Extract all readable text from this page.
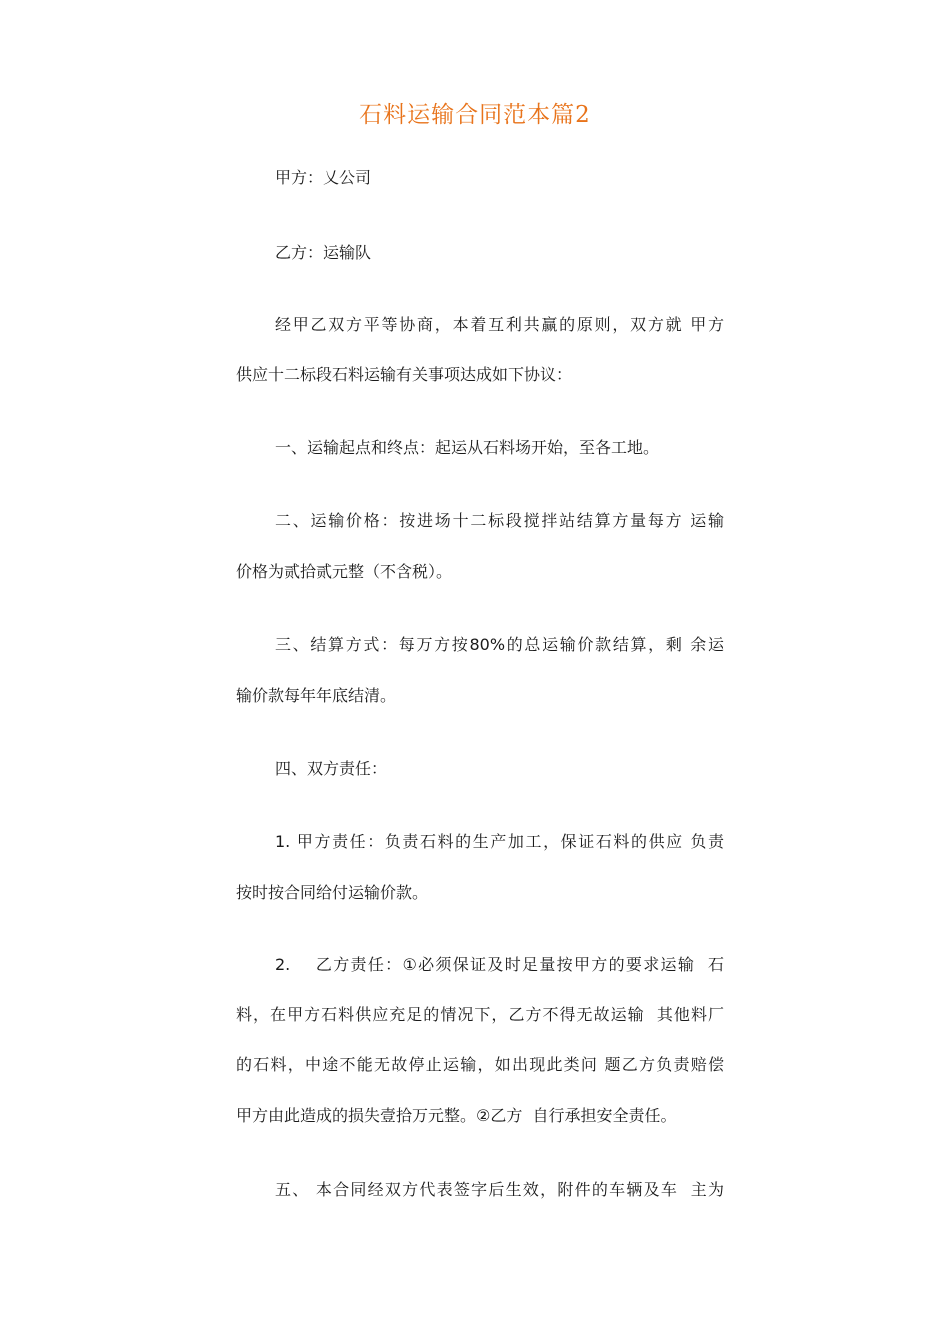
石料运输合同范本篇2
甲方：乂公司
乙方：运输队
经甲乙双方平等协商，本着互利共赢的原则，双方就 甲方
供应十二标段石料运输有关事项达成如下协议：
一、运输起点和终点：起运从石料场开始，至各工地。
二、运输价格：按进场十二标段搅拌站结算方量每方 运输
价格为贰拾贰元整（不含税）。
三、结算方式：每万方按80%的总运输价款结算，剩 余运
输价款每年年底结清。
四、双方责任：
1. 甲方责任：负责石料的生产加工，保证石料的供应 负责
按时按合同给付运输价款。
2.    乙方责任：①必须保证及时足量按甲方的要求运输  石
料，在甲方石料供应充足的情况下，乙方不得无故运输  其他料厂
的石料，中途不能无故停止运输，如出现此类问 题乙方负责赔偿
甲方由此造成的损失壹拾万元整。②乙方  自行承担安全责任。
五、 本合同经双方代表签字后生效，附件的车辆及车  主为
